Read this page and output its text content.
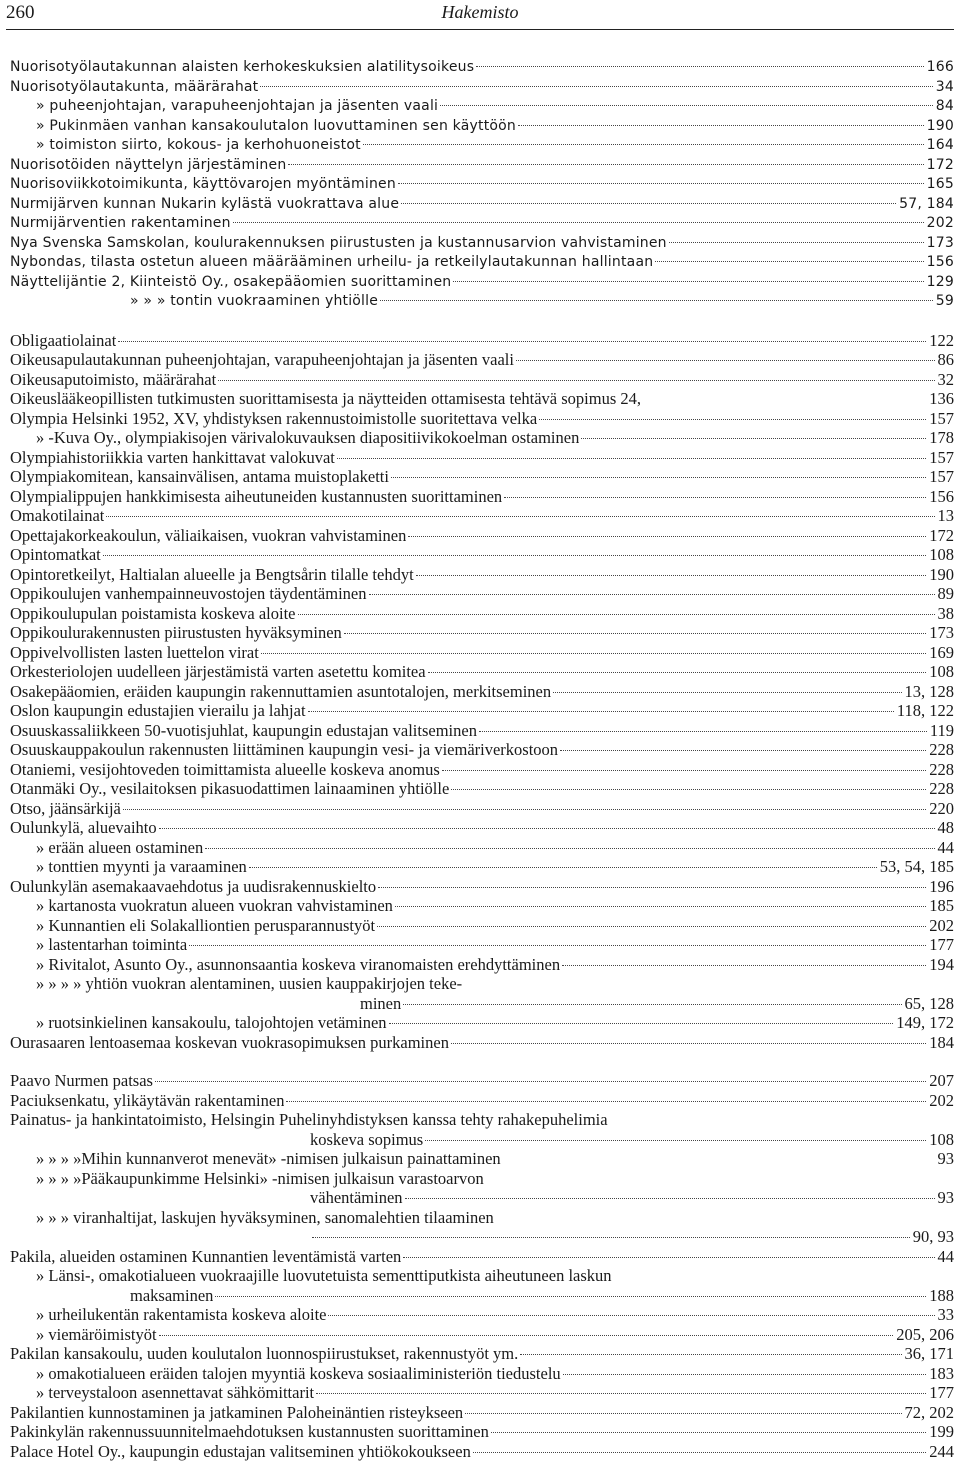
260	Hakemisto
Nuorisotyölautakunnan alaisten kerhokeskuksien alatilitysoikeus	166
Nuorisotyölautakunta, määrärahat	34
» puheenjohtajan, varapuheenjohtajan ja jäsenten vaali	84
» Pukinmäen vanhan kansakoulutalon luovuttaminen sen käyttöön	190
» toimiston siirto, kokous- ja kerhohuoneistot	164
Nuorisotöiden näyttelyn järjestäminen	172
Nuorisoviikkotoimikunta, käyttövarojen myöntäminen	165
Nurmijärven kunnan Nukarin kylästä vuokrattava alue	57, 184
Nurmijärventien rakentaminen	202
Nya Svenska Samskolan, koulurakennuksen piirustusten ja kustannusarvion vahvistaminen	173
Nybondas, tilasta ostetun alueen määrääminen urheilu- ja retkeilylautakunnan hallintaan	156
Näyttelijäntie 2, Kiinteistö Oy., osakepääomien suorittaminen	129
» » » tontin vuokraaminen yhtiölle	59
Obligaatiolainat	122
Oikeusapulautakunnan puheenjohtajan, varapuheenjohtajan ja jäsenten vaali	86
Oikeusaputoimisto, määrärahat	32
Oikeuslääkeopillisten tutkimusten suorittamisesta ja näytteiden ottamisesta tehtävä sopimus 24,	136
Olympia Helsinki 1952, XV, yhdistyksen rakennustoimistolle suoritettava velka	157
» -Kuva Oy., olympiakisojen värivalokuvauksen diapositiivikokoelman ostaminen	178
Olympiahistoriikkia varten hankittavat valokuvat	157
Olympiakomitean, kansainvälisen, antama muistoplaketti	157
Olympialippujen hankkimisesta aiheutuneiden kustannusten suorittaminen	156
Omakotilainat	13
Opettajakorkeakoulun, väliaikaisen, vuokran vahvistaminen	172
Opintomatkat	108
Opintoretkeilyt, Haltialan alueelle ja Bengtsårin tilalle tehdyt	190
Oppikoulujen vanhempainneuvostojen täydentäminen	89
Oppikoulupulan poistamista koskeva aloite	38
Oppikoulurakennusten piirustusten hyväksyminen	173
Oppivelvollisten lasten luettelon virat	169
Orkesteriolojen uudelleen järjestämistä varten asetettu komitea	108
Osakepääomien, eräiden kaupungin rakennuttamien asuntotalojen, merkitseminen	13, 128
Oslon kaupungin edustajien vierailu ja lahjat	118, 122
Osuuskassaliikkeen 50-vuotisjuhlat, kaupungin edustajan valitseminen	119
Osuuskauppakoulun rakennusten liittäminen kaupungin vesi- ja viemäriverkostoon	228
Otaniemi, vesijohtoveden toimittamista alueelle koskeva anomus	228
Otanmäki Oy., vesilaitoksen pikasuodattimen lainaaminen yhtiölle	228
Otso, jäänsärkijä	220
Oulunkylä, aluevaihto	48
» erään alueen ostaminen	44
» tonttien myynti ja varaaminen	53, 54, 185
Oulunkylän asemakaavaehdotus ja uudisrakennuskielto	196
» kartanosta vuokratun alueen vuokran vahvistaminen	185
» Kunnantien eli Solakalliontien perusparannustyöt	202
» lastentarhan toiminta	177
» Rivitalot, Asunto Oy., asunnonsaantia koskeva viranomaisten erehdyttäminen	194
» » » » yhtiön vuokran alentaminen, uusien kauppakirjojen teke-
minen	65, 128
» ruotsinkielinen kansakoulu, talojohtojen vetäminen	149, 172
Ourasaaren lentoasemaa koskevan vuokrasopimuksen purkaminen	184
Paavo Nurmen patsas	207
Paciuksenkatu, ylikäytävän rakentaminen	202
Painatus- ja hankintatoimisto, Helsingin Puhelinyhdistyksen kanssa tehty rahakepuhelimia
koskeva sopimus	108
» » » »Mihin kunnanverot menevät» -nimisen julkaisun painattaminen	93
» » » »Pääkaupunkimme Helsinki» -nimisen julkaisun varastoarvon
vähentäminen	93
» » » viranhaltijat, laskujen hyväksyminen, sanomalehtien tilaaminen
90, 93
Pakila, alueiden ostaminen Kunnantien leventämistä varten	44
» Länsi-, omakotialueen vuokraajille luovutetuista sementtiputkista aiheutuneen laskun
maksaminen	188
» urheilukentän rakentamista koskeva aloite	33
» viemäröimistyöt	205, 206
Pakilan kansakoulu, uuden koulutalon luonnospiirustukset, rakennustyöt ym.	36, 171
» omakotialueen eräiden talojen myyntiä koskeva sosiaaliministeriön tiedustelu	183
» terveystaloon asennettavat sähkömittarit	177
Pakilantien kunnostaminen ja jatkaminen Paloheinäntien risteykseen	72, 202
Pakinkylän rakennussuunnitelmaehdotuksen kustannusten suorittaminen	199
Palace Hotel Oy., kaupungin edustajan valitseminen yhtiökokoukseen	244
